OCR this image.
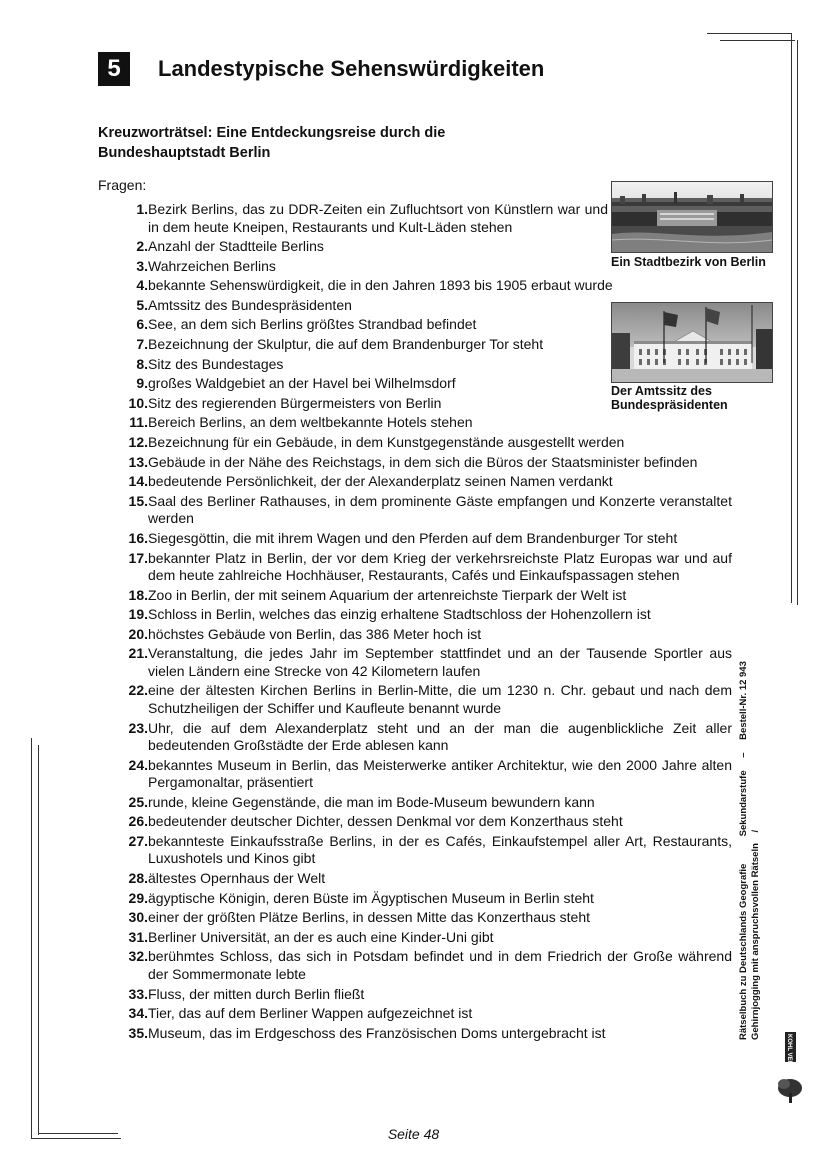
5	Landestypische Sehenswürdigkeiten
Kreuzworträtsel: Eine Entdeckungsreise durch die
Bundeshauptstadt Berlin
Fragen:
1. Bezirk Berlins, das zu DDR-Zeiten ein Zufluchtsort von Künstlern war und in dem heute Kneipen, Restaurants und Kult-Läden stehen
2. Anzahl der Stadtteile Berlins
3. Wahrzeichen Berlins
4. bekannte Sehenswürdigkeit, die in den Jahren 1893 bis 1905 erbaut wurde
5. Amtssitz des Bundespräsidenten
6. See, an dem sich Berlins größtes Strandbad befindet
7. Bezeichnung der Skulptur, die auf dem Brandenburger Tor steht
8. Sitz des Bundestages
9. großes Waldgebiet an der Havel bei Wilhelmsdorf
10. Sitz des regierenden Bürgermeisters von Berlin
11. Bereich Berlins, an dem weltbekannte Hotels stehen
12. Bezeichnung für ein Gebäude, in dem Kunstgegenstände ausgestellt werden
13. Gebäude in der Nähe des Reichstags, in dem sich die Büros der Staatsminister befinden
14. bedeutende Persönlichkeit, der der Alexanderplatz seinen Namen verdankt
15. Saal des Berliner Rathauses, in dem prominente Gäste empfangen und Konzerte veranstaltet werden
16. Siegesgöttin, die mit ihrem Wagen und den Pferden auf dem Brandenburger Tor steht
17. bekannter Platz in Berlin, der vor dem Krieg der verkehrsreichste Platz Europas war und auf dem heute zahlreiche Hochhäuser, Restaurants, Cafés und Einkaufspassagen stehen
18. Zoo in Berlin, der mit seinem Aquarium der artenreichste Tierpark der Welt ist
19. Schloss in Berlin, welches das einzig erhaltene Stadtschloss der Hohenzollern ist
20. höchstes Gebäude von Berlin, das 386 Meter hoch ist
21. Veranstaltung, die jedes Jahr im September stattfindet und an der Tausende Sportler aus vielen Ländern eine Strecke von 42 Kilometern laufen
22. eine der ältesten Kirchen Berlins in Berlin-Mitte, die um 1230 n. Chr. gebaut und nach dem Schutzheiligen der Schiffer und Kaufleute benannt wurde
23. Uhr, die auf dem Alexanderplatz steht und an der man die augenblickliche Zeit aller bedeutenden Großstädte der Erde ablesen kann
24. bekanntes Museum in Berlin, das Meisterwerke antiker Architektur, wie den 2000 Jahre alten Pergamonaltar, präsentiert
25. runde, kleine Gegenstände, die man im Bode-Museum bewundern kann
26. bedeutender deutscher Dichter, dessen Denkmal vor dem Konzerthaus steht
27. bekannteste Einkaufsstraße Berlins, in der es Cafés, Einkaufstempel aller Art, Restaurants, Luxushotels und Kinos gibt
28. ältestes Opernhaus der Welt
29. ägyptische Königin, deren Büste im Ägyptischen Museum in Berlin steht
30. einer der größten Plätze Berlins, in dessen Mitte das Konzerthaus steht
31. Berliner Universität, an der es auch eine Kinder-Uni gibt
32. berühmtes Schloss, das sich in Potsdam befindet und in dem Friedrich der Große während der Sommermonate lebte
33. Fluss, der mitten durch Berlin fließt
34. Tier, das auf dem Berliner Wappen aufgezeichnet ist
35. Museum, das im Erdgeschoss des Französischen Doms untergebracht ist
Ein Stadtbezirk von Berlin
Der Amtssitz des Bundespräsidenten
Rätselbuch zu Deutschlands Geografie  Sekundarstufe – Bestell-Nr. 12 943
Gehirnjogging mit anspruchsvollen Rätseln /
KOHL VERLAG
Seite 48
